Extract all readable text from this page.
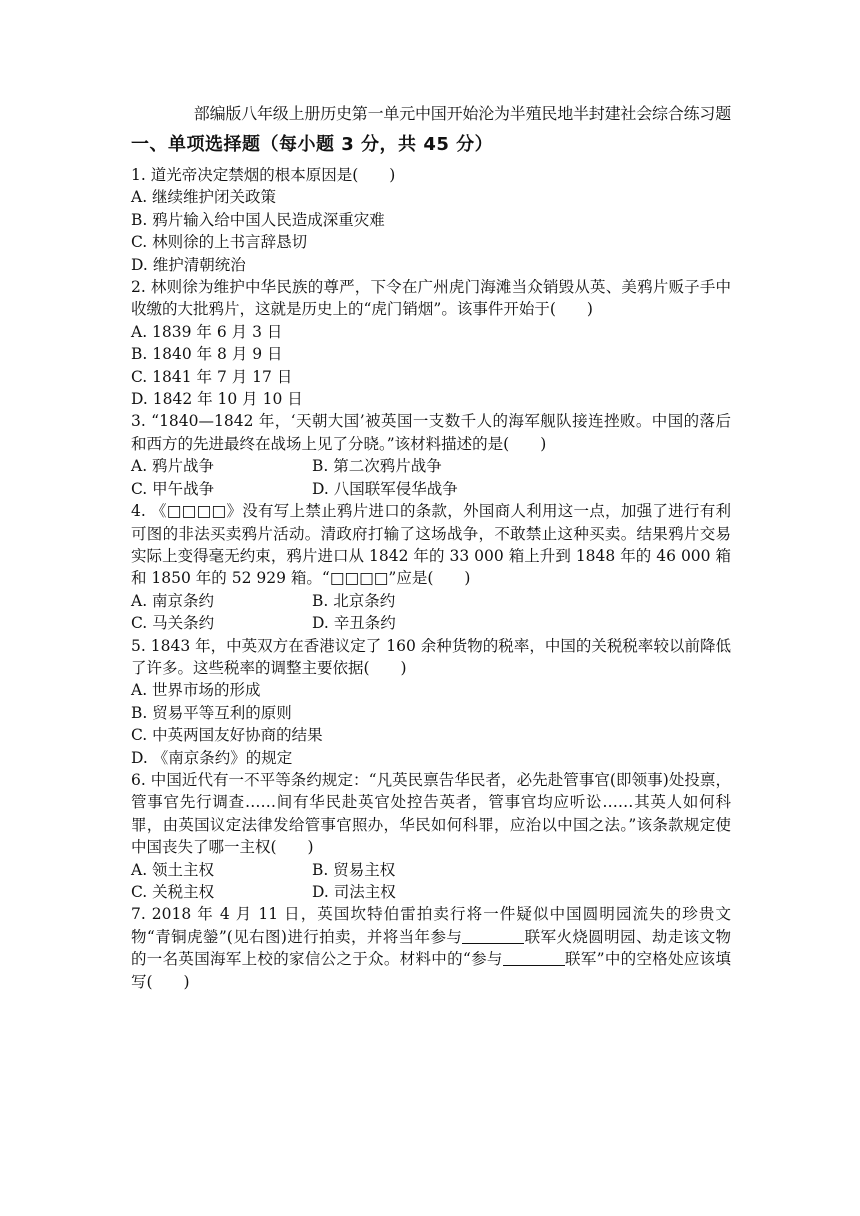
部编版八年级上册历史第一单元中国开始沦为半殖民地半封建社会综合练习题
一、单项选择题（每小题 3 分，共 45 分）
1. 道光帝决定禁烟的根本原因是(　　)
A. 继续维护闭关政策
B. 鸦片输入给中国人民造成深重灾难
C. 林则徐的上书言辞恳切
D. 维护清朝统治
2. 林则徐为维护中华民族的尊严，下令在广州虎门海滩当众销毁从英、美鸦片贩子手中收缴的大批鸦片，这就是历史上的“虎门销烟”。该事件开始于(　　)
A. 1839 年 6 月 3 日
B. 1840 年 8 月 9 日
C. 1841 年 7 月 17 日
D. 1842 年 10 月 10 日
3. “1840—1842 年，‘天朝大国’被英国一支数千人的海军舰队接连挫败。中国的落后和西方的先进最终在战场上见了分晓。”该材料描述的是(　　)
A. 鸦片战争	B. 第二次鸦片战争
C. 甲午战争	D. 八国联军侵华战争
4. 《□□□□》没有写上禁止鸦片进口的条款，外国商人利用这一点，加强了进行有利可图的非法买卖鸦片活动。清政府打输了这场战争，不敢禁止这种买卖。结果鸦片交易实际上变得毫无约束，鸦片进口从 1842 年的 33 000 箱上升到 1848 年的 46 000 箱和 1850 年的 52 929 箱。“□□□□”应是(　　)
A. 南京条约	B. 北京条约
C. 马关条约	D. 辛丑条约
5. 1843 年，中英双方在香港议定了 160 余种货物的税率，中国的关税税率较以前降低了许多。这些税率的调整主要依据(　　)
A. 世界市场的形成
B. 贸易平等互利的原则
C. 中英两国友好协商的结果
D. 《南京条约》的规定
6. 中国近代有一不平等条约规定：“凡英民禀告华民者，必先赴管事官(即领事)处投禀，管事官先行调查……间有华民赴英官处控告英者，管事官均应听讼……其英人如何科罪，由英国议定法律发给管事官照办，华民如何科罪，应治以中国之法。”该条款规定使中国丧失了哪一主权(　　)
A. 领土主权	B. 贸易主权
C. 关税主权	D. 司法主权
7. 2018 年 4 月 11 日，英国坎特伯雷拍卖行将一件疑似中国圆明园流失的珍贵文物“青铜虎鎣”(见右图)进行拍卖，并将当年参与	联军火烧圆明园、劫走该文物的一名英国海军上校的家信公之于众。材料中的“参与	联军”中的空格处应该填写(　　)
